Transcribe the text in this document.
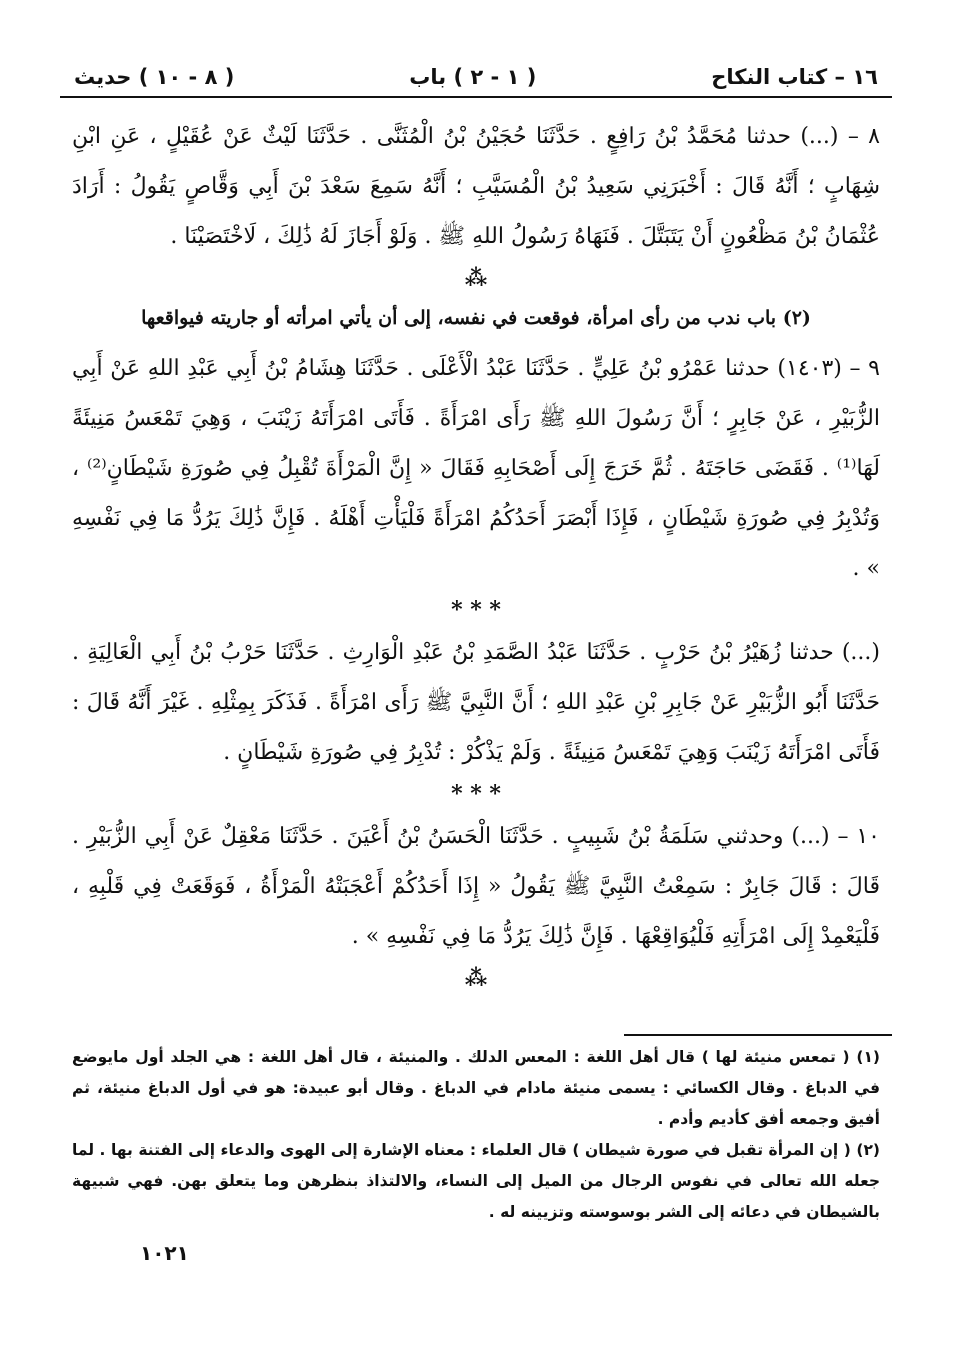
١٦ – كتاب النكاح
( ١ - ٢ ) باب
( ٨ - ١٠ ) حديث

٨ – (...) حدثنا مُحَمَّدُ بْنُ رَافِعٍ . حَدَّثَنَا حُجَيْنُ بْنُ الْمُثَنَّى . حَدَّثَنَا لَيْثٌ عَنْ عُقَيْلٍ ، عَنِ ابْنِ شِهَابٍ ؛ أَنَّهُ قَالَ : أَخْبَرَنِي سَعِيدُ بْنُ الْمُسَيَّبِ ؛ أَنَّهُ سَمِعَ سَعْدَ بْنَ أَبِي وَقَّاصٍ يَقُولُ : أَرَادَ عُثْمَانُ بْنُ مَظْعُونٍ أَنْ يَتَبَتَّلَ . فَنَهَاهُ رَسُولُ اللهِ ﷺ . وَلَوْ أَجَازَ لَهُ ذَٰلِكَ ، لَاخْتَصَيْنَا .

⁂
(٢) باب ندب من رأى امرأة، فوقعت في نفسه، إلى أن يأتي امرأته أو جاريته فيواقعها

٩ – (١٤٠٣) حدثنا عَمْرُو بْنُ عَلِيٍّ . حَدَّثَنَا عَبْدُ الْأَعْلَى . حَدَّثَنَا هِشَامُ بْنُ أَبِي عَبْدِ اللهِ عَنْ أَبِي الزُّبَيْرِ ، عَنْ جَابِرٍ ؛ أَنَّ رَسُولَ اللهِ ﷺ رَأَى امْرَأَةً . فَأَتَى امْرَأَتَهُ زَيْنَبَ ، وَهِيَ تَمْعَسُ مَنِيئَةً لَهَا⁽¹⁾ . فَقَضَى حَاجَتَهُ . ثُمَّ خَرَجَ إِلَى أَصْحَابِهِ فَقَالَ « إِنَّ الْمَرْأَةَ تُقْبِلُ فِي صُورَةِ شَيْطَانٍ⁽²⁾ ، وَتُدْبِرُ فِي صُورَةِ شَيْطَانٍ ، فَإِذَا أَبْصَرَ أَحَدُكُمُ امْرَأَةً فَلْيَأْتِ أَهْلَهُ . فَإِنَّ ذَٰلِكَ يَرُدُّ مَا فِي نَفْسِهِ » .

* * *

(...) حدثنا زُهَيْرُ بْنُ حَرْبٍ . حَدَّثَنَا عَبْدُ الصَّمَدِ بْنُ عَبْدِ الْوَارِثِ . حَدَّثَنَا حَرْبُ بْنُ أَبِي الْعَالِيَةِ . حَدَّثَنَا أَبُو الزُّبَيْرِ عَنْ جَابِرِ بْنِ عَبْدِ اللهِ ؛ أَنَّ النَّبِيَّ ﷺ رَأَى امْرَأَةً . فَذَكَرَ بِمِثْلِهِ . غَيْرَ أَنَّهُ قَالَ : فَأَتَى امْرَأَتَهُ زَيْنَبَ وَهِيَ تَمْعَسُ مَنِيئَةً . وَلَمْ يَذْكُرْ : تُدْبِرُ فِي صُورَةِ شَيْطَانٍ .

* * *

١٠ – (...) وحدثني سَلَمَةُ بْنُ شَبِيبٍ . حَدَّثَنَا الْحَسَنُ بْنُ أَعْيَنَ . حَدَّثَنَا مَعْقِلٌ عَنْ أَبِي الزُّبَيْرِ . قَالَ : قَالَ جَابِرٌ : سَمِعْتُ النَّبِيَّ ﷺ يَقُولُ « إِذَا أَحَدُكُمْ أَعْجَبَتْهُ الْمَرْأَةُ ، فَوَقَعَتْ فِي قَلْبِهِ ، فَلْيَعْمِدْ إِلَى امْرَأَتِهِ فَلْيُوَاقِعْهَا . فَإِنَّ ذَٰلِكَ يَرُدُّ مَا فِي نَفْسِهِ » .

⁂

(١) ( تمعس منيئة لها ) قال أهل اللغة : المعس الدلك . والمنيئة ، قال أهل اللغة : هي الجلد أول مايوضع في الدباغ . وقال الكسائي : يسمى منيئة مادام في الدباغ . وقال أبو عبيدة: هو في أول الدباغ منيئة، ثم أفيق وجمعه أفق كأديم وأدم .

(٢) ( إن المرأة تقبل في صورة شيطان ) قال العلماء : معناه الإشارة إلى الهوى والدعاء إلى الفتنة بها . لما جعله الله تعالى في نفوس الرجال من الميل إلى النساء، والالتذاذ بنظرهن وما يتعلق بهن. فهي شبيهة بالشيطان في دعائه إلى الشر بوسوسته وتزيينه له .

١٠٢١
